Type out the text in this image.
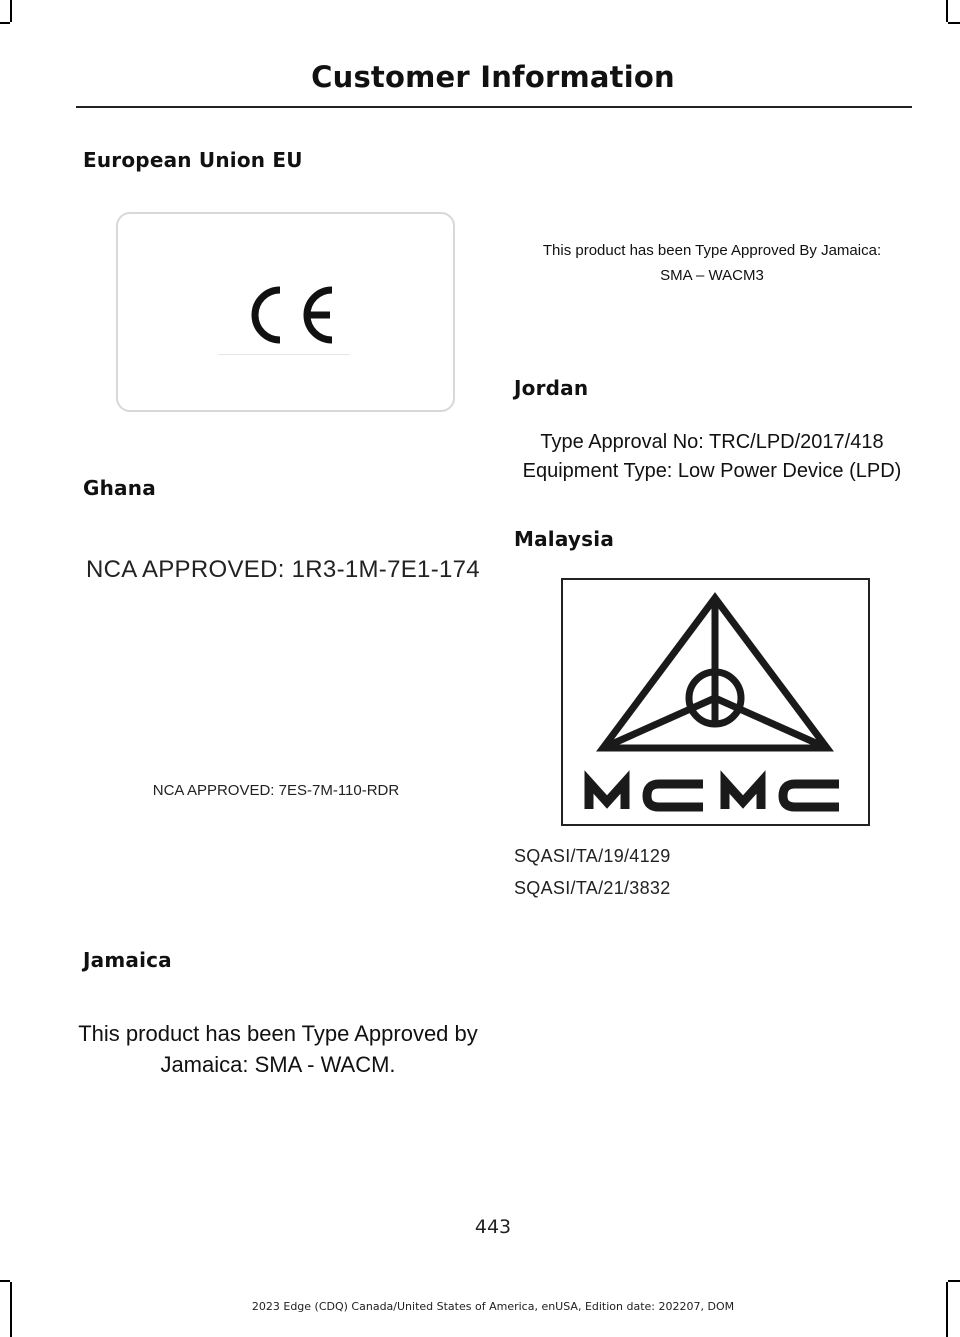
Customer Information
European Union EU
Ghana
NCA APPROVED: 1R3-1M-7E1-174
NCA APPROVED: 7ES-7M-110-RDR
Jamaica
This product has been Type Approved by Jamaica: SMA - WACM.
This product has been Type Approved By Jamaica:
SMA – WACM3
Jordan
Type Approval No: TRC/LPD/2017/418
Equipment Type: Low Power Device (LPD)
Malaysia
SQASI/TA/19/4129
SQASI/TA/21/3832
443
2023 Edge (CDQ) Canada/United States of America, enUSA, Edition date: 202207, DOM
